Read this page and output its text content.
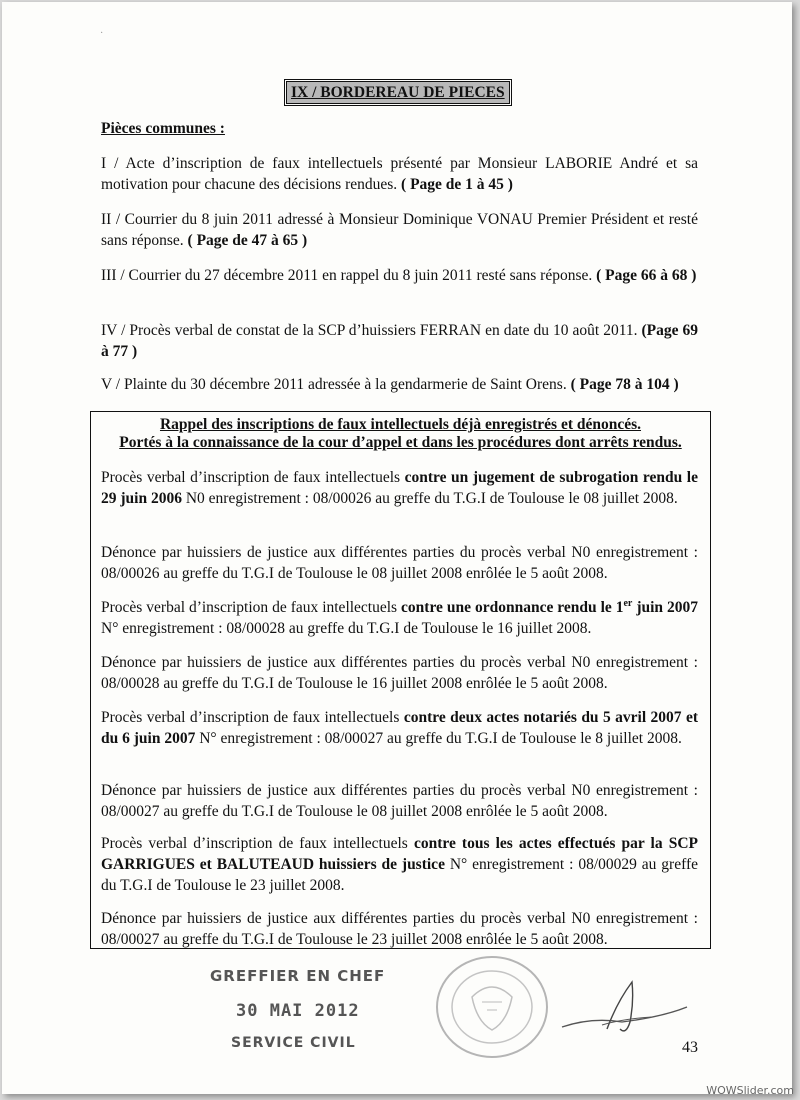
·
IX / BORDEREAU DE PIECES
Pièces communes :
I / Acte d’inscription de faux intellectuels présenté par Monsieur LABORIE André et sa motivation pour chacune des décisions rendues. ( Page de 1 à 45 )
II / Courrier du 8 juin 2011 adressé à Monsieur Dominique VONAU Premier Président et resté sans réponse. ( Page de 47 à 65 )
III / Courrier du 27 décembre 2011 en rappel du 8 juin 2011 resté sans réponse. ( Page 66 à 68 )
IV / Procès verbal de constat de la SCP d’huissiers FERRAN en date du 10 août 2011. (Page 69 à 77 )
V / Plainte du 30 décembre 2011 adressée à la gendarmerie de Saint Orens. ( Page 78 à 104 )
Rappel des inscriptions de faux intellectuels déjà enregistrés et dénoncés.
Portés à la connaissance de la cour d’appel et dans les procédures dont arrêts rendus.
Procès verbal d’inscription de faux intellectuels contre un jugement de subrogation rendu le 29 juin 2006 N0 enregistrement : 08/00026 au greffe du T.G.I de Toulouse le 08 juillet 2008.
Dénonce par huissiers de justice aux différentes parties du procès verbal N0 enregistrement : 08/00026 au greffe du T.G.I de Toulouse le 08 juillet 2008 enrôlée le 5 août 2008.
Procès verbal d’inscription de faux intellectuels contre une ordonnance rendu le 1er juin 2007 N° enregistrement : 08/00028 au greffe du T.G.I de Toulouse le 16 juillet 2008.
Dénonce par huissiers de justice aux différentes parties du procès verbal N0 enregistrement : 08/00028 au greffe du T.G.I de Toulouse le 16 juillet 2008 enrôlée le 5 août 2008.
Procès verbal d’inscription de faux intellectuels contre deux actes notariés du 5 avril 2007 et du 6 juin 2007 N° enregistrement : 08/00027 au greffe du T.G.I de Toulouse le 8 juillet 2008.
Dénonce par huissiers de justice aux différentes parties du procès verbal N0 enregistrement : 08/00027 au greffe du T.G.I de Toulouse le 08 juillet 2008 enrôlée le 5 août 2008.
Procès verbal d’inscription de faux intellectuels contre tous les actes effectués par la SCP GARRIGUES et BALUTEAUD huissiers de justice N° enregistrement : 08/00029 au greffe du T.G.I de Toulouse le 23 juillet 2008.
Dénonce par huissiers de justice aux différentes parties du procès verbal N0 enregistrement : 08/00027 au greffe du T.G.I de Toulouse le 23 juillet 2008 enrôlée le 5 août 2008.
GREFFIER EN CHEF
30 MAI 2012
SERVICE CIVIL	43
WOWSlider.com
